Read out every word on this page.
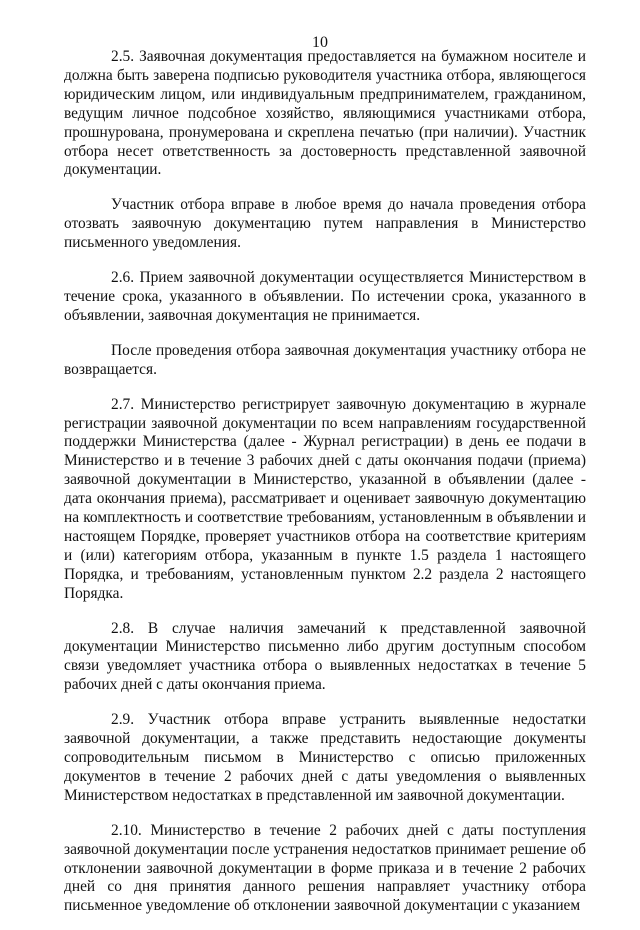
10

2.5. Заявочная документация предоставляется на бумажном носителе и должна быть заверена подписью руководителя участника отбора, являющегося юридическим лицом, или индивидуальным предпринимателем, гражданином, ведущим личное подсобное хозяйство, являющимися участниками отбора, прошнурована, пронумерована и скреплена печатью (при наличии). Участник отбора несет ответственность за достоверность представленной заявочной документации.

Участник отбора вправе в любое время до начала проведения отбора отозвать заявочную документацию путем направления в Министерство письменного уведомления.

2.6. Прием заявочной документации осуществляется Министерством в течение срока, указанного в объявлении. По истечении срока, указанного в объявлении, заявочная документация не принимается.

После проведения отбора заявочная документация участнику отбора не возвращается.

2.7. Министерство регистрирует заявочную документацию в журнале регистрации заявочной документации по всем направлениям государственной поддержки Министерства (далее - Журнал регистрации) в день ее подачи в Министерство и в течение 3 рабочих дней с даты окончания подачи (приема) заявочной документации в Министерство, указанной в объявлении (далее - дата окончания приема), рассматривает и оценивает заявочную документацию на комплектность и соответствие требованиям, установленным в объявлении и настоящем Порядке, проверяет участников отбора на соответствие критериям и (или) категориям отбора, указанным в пункте 1.5 раздела 1 настоящего Порядка, и требованиям, установленным пунктом 2.2 раздела 2 настоящего Порядка.

2.8. В случае наличия замечаний к представленной заявочной документации Министерство письменно либо другим доступным способом связи уведомляет участника отбора о выявленных недостатках в течение 5 рабочих дней с даты окончания приема.

2.9. Участник отбора вправе устранить выявленные недостатки заявочной документации, а также представить недостающие документы сопроводительным письмом в Министерство с описью приложенных документов в течение 2 рабочих дней с даты уведомления о выявленных Министерством недостатках в представленной им заявочной документации.

2.10. Министерство в течение 2 рабочих дней с даты поступления заявочной документации после устранения недостатков принимает решение об отклонении заявочной документации в форме приказа и в течение 2 рабочих дней со дня принятия данного решения направляет участнику отбора письменное уведомление об отклонении заявочной документации с указанием
